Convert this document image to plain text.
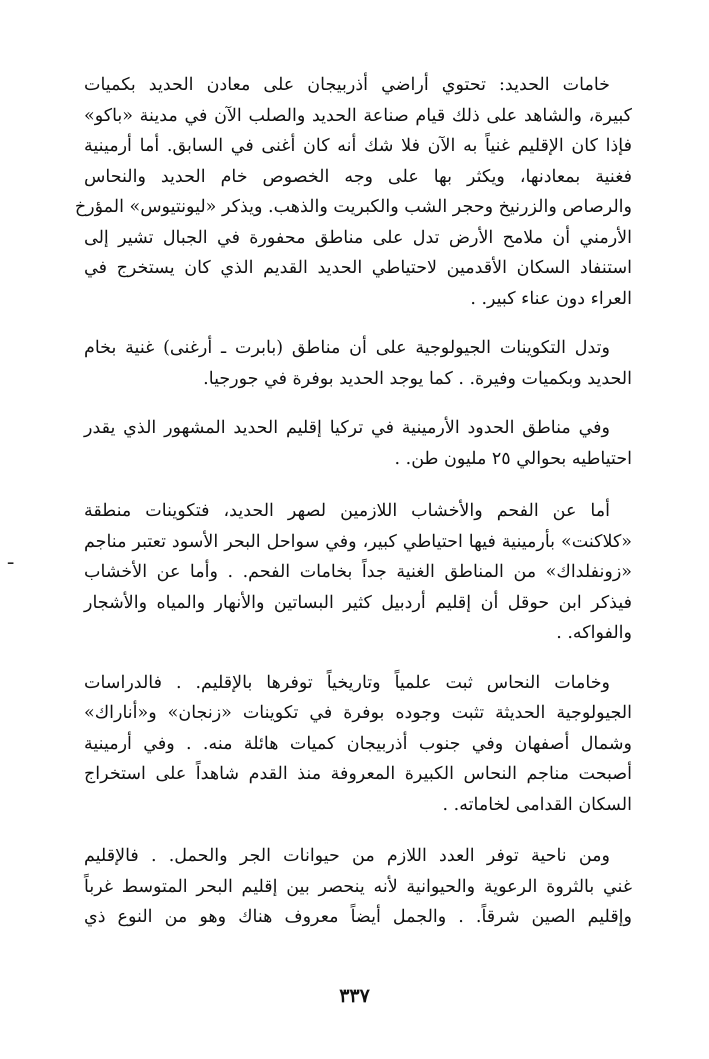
خامات الحديد: تحتوي أراضي أذربيجان على معادن الحديد بكميات
كبيرة، والشاهد على ذلك قيام صناعة الحديد والصلب الآن في مدينة «باكو»
فإذا كان الإقليم غنياً به الآن فلا شك أنه كان أغنى في السابق. أما أرمينية
فغنية بمعادنها، ويكثر بها على وجه الخصوص خام الحديد والنحاس
والرصاص والزرنيخ وحجر الشب والكبريت والذهب. ويذكر «ليونتيوس» المؤرخ
الأرمني أن ملامح الأرض تدل على مناطق محفورة في الجبال تشير إلى
استنفاد السكان الأقدمين لاحتياطي الحديد القديم الذي كان يستخرج في
العراء دون عناء كبير. .

وتدل التكوينات الجيولوجية على أن مناطق (بابرت ـ أرغنى) غنية بخام
الحديد وبكميات وفيرة. . كما يوجد الحديد بوفرة في جورجيا.

وفي مناطق الحدود الأرمينية في تركيا إقليم الحديد المشهور الذي يقدر
احتياطيه بحوالي ٢٥ مليون طن. .

أما عن الفحم والأخشاب اللازمين لصهر الحديد، فتكوينات منطقة
«كلاكنت» بأرمينية فيها احتياطي كبير، وفي سواحل البحر الأسود تعتبر مناجم
«زونفلداك» من المناطق الغنية جداً بخامات الفحم. . وأما عن الأخشاب
فيذكر ابن حوقل أن إقليم أردبيل كثير البساتين والأنهار والمياه والأشجار
والفواكه. .

وخامات النحاس ثبت علمياً وتاريخياً توفرها بالإقليم. . فالدراسات
الجيولوجية الحديثة تثبت وجوده بوفرة في تكوينات «زنجان» و«أناراك»
وشمال أصفهان وفي جنوب أذربيجان كميات هائلة منه. . وفي أرمينية
أصبحت مناجم النحاس الكبيرة المعروفة منذ القدم شاهداً على استخراج
السكان القدامى لخاماته. .

ومن ناحية توفر العدد اللازم من حيوانات الجر والحمل. . فالإقليم
غني بالثروة الرعوية والحيوانية لأنه ينحصر بين إقليم البحر المتوسط غرباً
وإقليم الصين شرقاً. . والجمل أيضاً معروف هناك وهو من النوع ذي

٣٣٧
ـ
